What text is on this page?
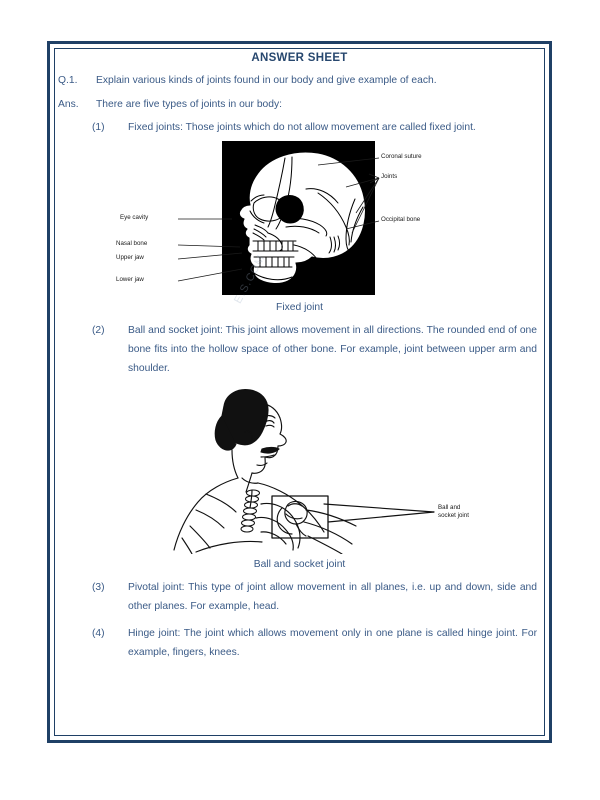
ANSWER SHEET
Q.1. Explain various kinds of joints found in our body and give example of each.
Ans. There are five types of joints in our body:
(1) Fixed joints: Those joints which do not allow movement are called fixed joint.
Coronal suture
Joints
Occipital bone
Eye cavity
Nasal bone
Upper jaw
Lower jaw
Fixed joint
(2) Ball and socket joint: This joint allows movement in all directions. The rounded end of one bone fits into the hollow space of other bone. For example, joint between upper arm and shoulder.
Ball and
socket joint
Ball and socket joint
(3) Pivotal joint: This type of joint allow movement in all planes, i.e. up and down, side and other planes. For example, head.
(4) Hinge joint: The joint which allows movement only in one plane is called hinge joint. For example, fingers, knees.
E.S.COM
